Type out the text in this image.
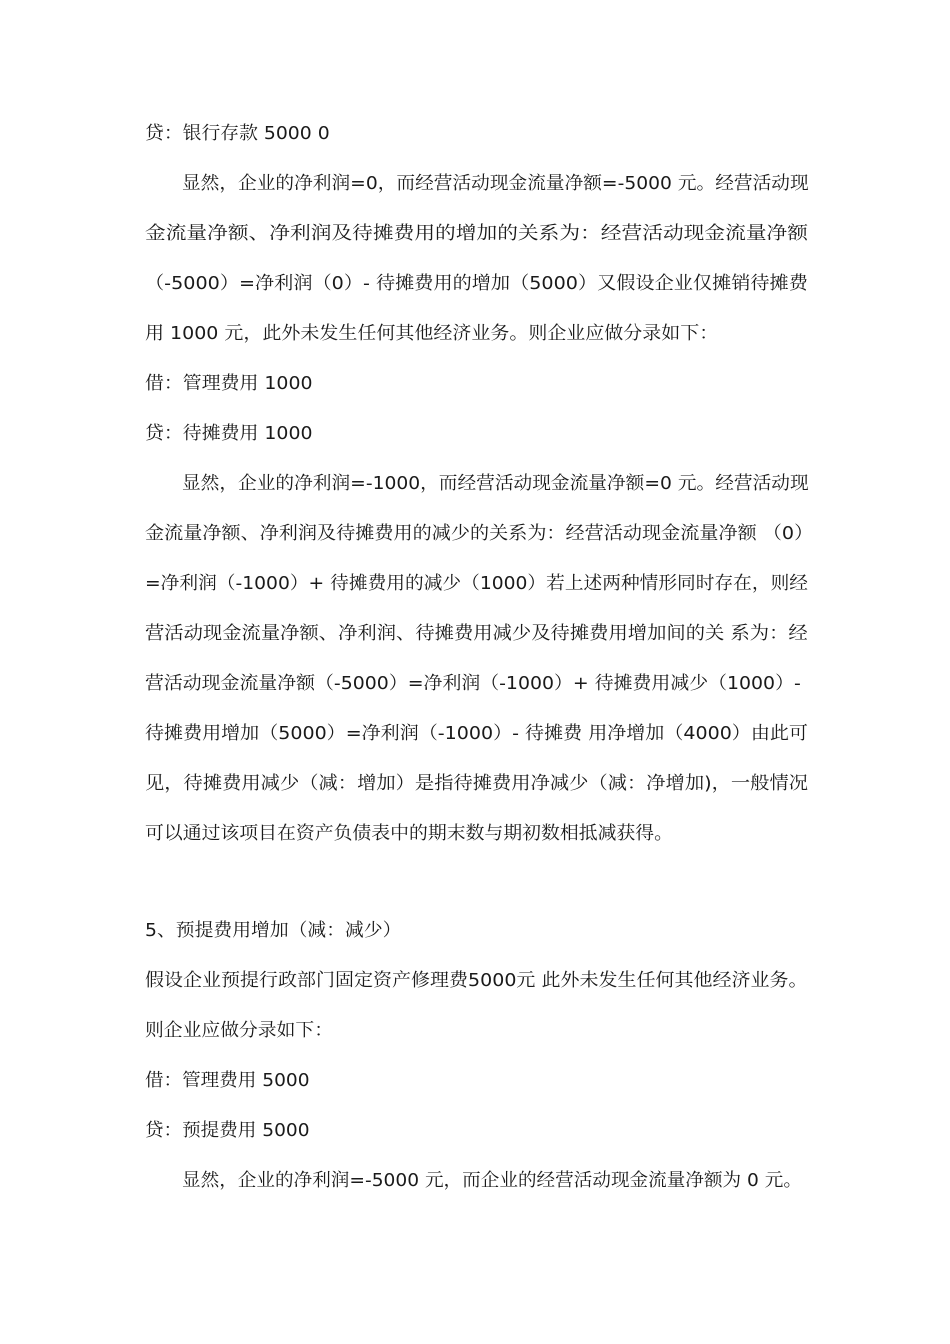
贷：银行存款 5000 0

显然，企业的净利润=0，而经营活动现金流量净额=-5000 元。经营活动现

金流量净额、净利润及待摊费用的增加的关系为：经营活动现金流量净额

（-5000）=净利润（0）- 待摊费用的增加（5000）又假设企业仅摊销待摊费

用 1000 元，此外未发生任何其他经济业务。则企业应做分录如下：

借：管理费用 1000

贷：待摊费用 1000

显然，企业的净利润=-1000，而经营活动现金流量净额=0 元。经营活动现

金流量净额、净利润及待摊费用的减少的关系为：经营活动现金流量净额 （0）

=净利润（-1000）+ 待摊费用的减少（1000）若上述两种情形同时存在，则经

营活动现金流量净额、净利润、待摊费用减少及待摊费用增加间的关 系为：经

营活动现金流量净额（-5000）=净利润（-1000）+ 待摊费用减少（1000）-

待摊费用增加（5000）=净利润（-1000）- 待摊费 用净增加（4000）由此可

见，待摊费用减少（减：增加）是指待摊费用净减少（减：净增加)，一般情况

可以通过该项目在资产负债表中的期末数与期初数相抵减获得。

5、预提费用增加（减：减少）

假设企业预提行政部门固定资产修理费5000元 此外未发生任何其他经济业务。

则企业应做分录如下：

借：管理费用 5000

贷：预提费用 5000

显然，企业的净利润=-5000 元，而企业的经营活动现金流量净额为 0 元。
